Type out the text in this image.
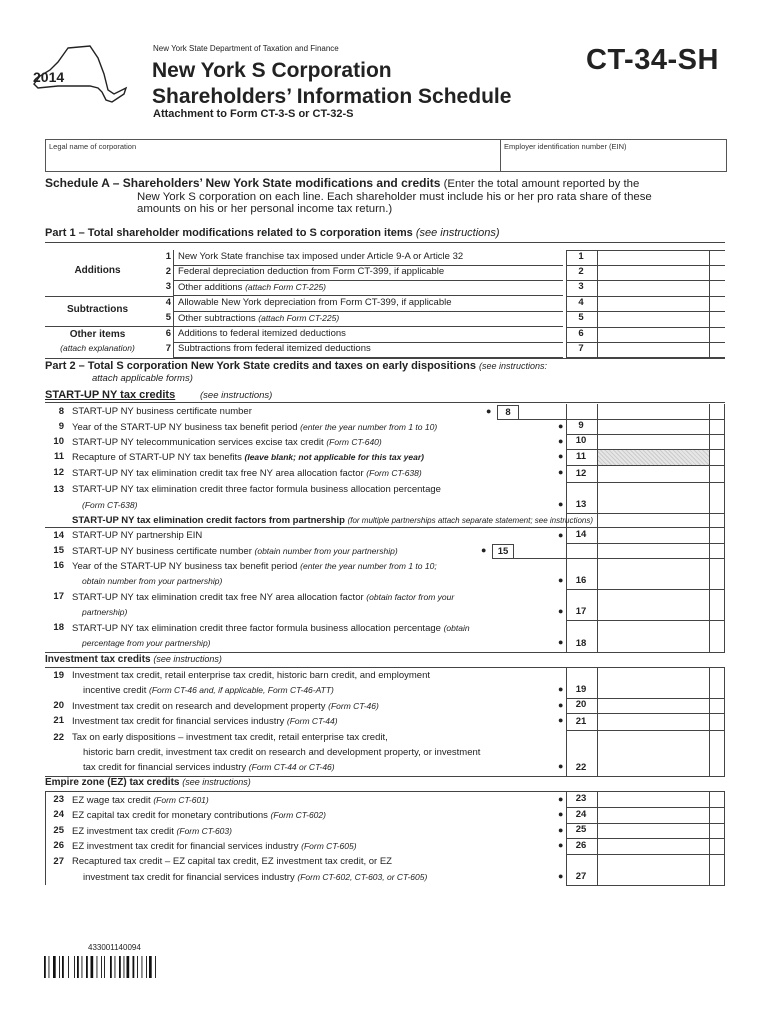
2014
New York State Department of Taxation and Finance
New York S Corporation
Shareholders’ Information Schedule
Attachment to Form CT-3-S or CT-32-S
CT-34-SH
Legal name of corporation	Employer identification number (EIN)
Schedule A – Shareholders’ New York State modifications and credits (Enter the total amount reported by the
New York S corporation on each line. Each shareholder must include his or her pro rata share of these
amounts on his or her personal income tax return.)
Part 1 – Total shareholder modifications related to S corporation items (see instructions)
Additions
Subtractions
Other items
(attach explanation)
1 New York State franchise tax imposed under Article 9-A or Article 32	1
2 Federal depreciation deduction from Form CT-399, if applicable	2
3 Other additions (attach Form CT-225)	3
4 Allowable New York depreciation from Form CT-399, if applicable	4
5 Other subtractions (attach Form CT-225)	5
6 Additions to federal itemized deductions	6
7 Subtractions from federal itemized deductions	7
Part 2 – Total S corporation New York State credits and taxes on early dispositions (see instructions:
attach applicable forms)
START-UP NY tax credits	(see instructions)
8 START-UP NY business certificate number	●	8
9 Year of the START-UP NY business tax benefit period (enter the year number from 1 to 10)	●	9
10 START-UP NY telecommunication services excise tax credit (Form CT-640)	●	10
11 Recapture of START-UP NY tax benefits (leave blank; not applicable for this tax year)	●	11
12 START-UP NY tax elimination credit tax free NY area allocation factor (Form CT-638)	●	12
13 START-UP NY tax elimination credit three factor formula business allocation percentage
(Form CT-638)	●	13
14 START-UP NY partnership EIN	●	14
15 START-UP NY business certificate number (obtain number from your partnership)	●	15
16 Year of the START-UP NY business tax benefit period (enter the year number from 1 to 10;
obtain number from your partnership)	●	16
17 START-UP NY tax elimination credit tax free NY area allocation factor (obtain factor from your
partnership)	●	17
18 START-UP NY tax elimination credit three factor formula business allocation percentage (obtain
percentage from your partnership)	●	18
19 Investment tax credit, retail enterprise tax credit, historic barn credit, and employment
incentive credit (Form CT-46 and, if applicable, Form CT-46-ATT)	●	19
20 Investment tax credit on research and development property (Form CT-46)	●	20
21 Investment tax credit for financial services industry (Form CT-44)	●	21
22 Tax on early dispositions – investment tax credit, retail enterprise tax credit,
historic barn credit, investment tax credit on research and development property, or investment
tax credit for financial services industry (Form CT-44 or CT-46)	●	22
23 EZ wage tax credit (Form CT-601)	●	23
24 EZ capital tax credit for monetary contributions (Form CT-602)	●	24
25 EZ investment tax credit (Form CT-603)	●	25
26 EZ investment tax credit for financial services industry (Form CT-605)	●	26
27 Recaptured tax credit – EZ capital tax credit, EZ investment tax credit, or EZ
investment tax credit for financial services industry (Form CT-602, CT-603, or CT-605)	●	27
START-UP NY tax elimination credit factors from partnership (for multiple partnerships attach separate statement; see instructions)
Investment tax credits (see instructions)
Empire zone (EZ) tax credits (see instructions)
433001140094
